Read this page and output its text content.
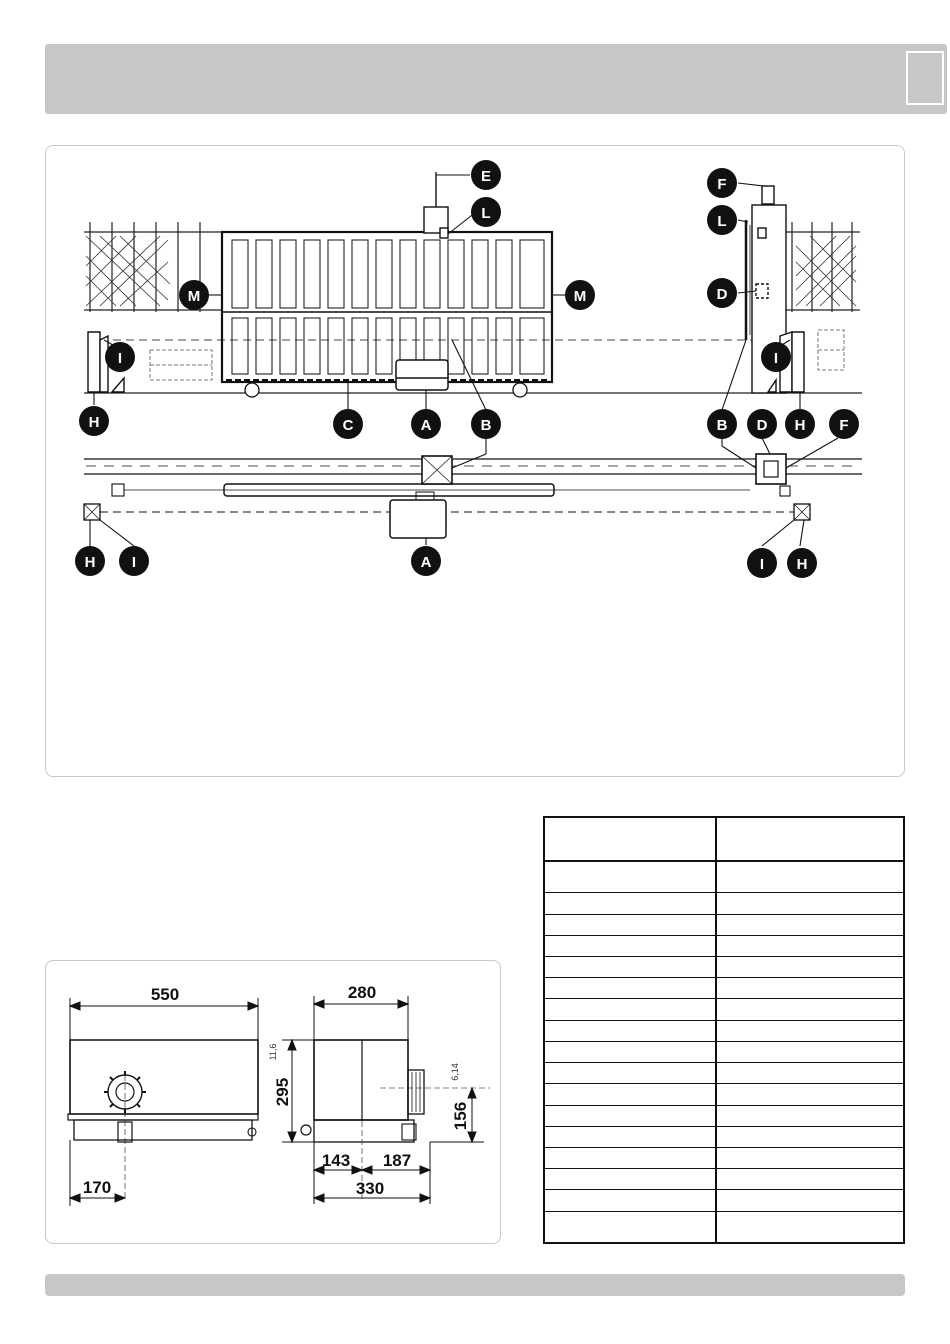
E	F
L	L
M	M	D
I	I
H	C	A	B	B D H F
H I	A	I H
550	280
295
11,6
156
6,14
143 187
330
170
